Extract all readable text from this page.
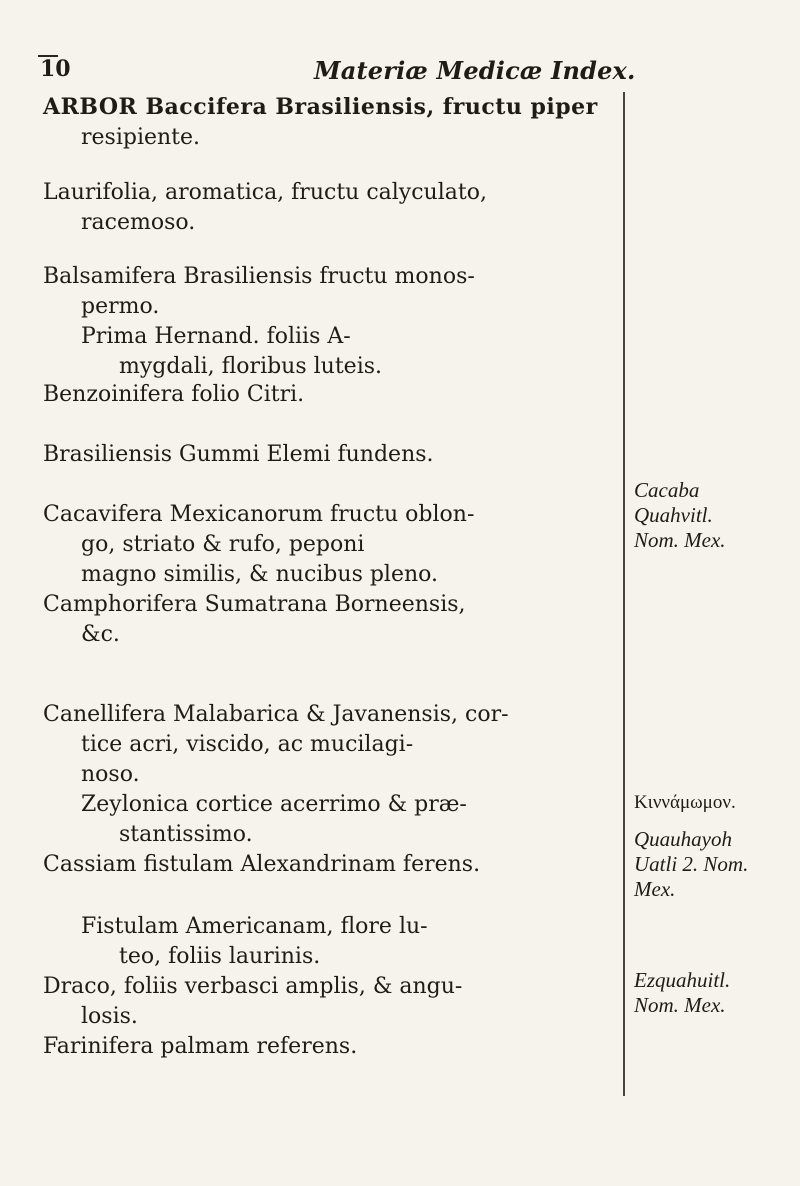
10	Materiæ Medicæ Index.

ARBOR Baccifera Brasiliensis, fructu piper

resipiente.

Laurifolia, aromatica, fructu calyculato,

racemoso.

Balsamifera Brasiliensis fructu monos-

permo.

Prima Hernand. foliis A-

mygdali, floribus luteis.

Benzoinifera folio Citri.

Brasiliensis Gummi Elemi fundens.

Cacavifera Mexicanorum fructu oblon-

go, striato & rufo, peponi

magno similis, & nucibus pleno.

Camphorifera Sumatrana Borneensis,

&c.

Canellifera Malabarica & Javanensis, cor-

tice acri, viscido, ac mucilagi-

noso.

Zeylonica cortice acerrimo & præ-

stantissimo.

Cassiam fistulam Alexandrinam ferens.

Fistulam Americanam, flore lu-

teo, foliis laurinis.

Draco, foliis verbasci amplis, & angu-

losis.

Farinifera palmam referens.

Cacaba
Quahvitl.
Nom. Mex.
Κιννάμωμον.
Quauhayoh
Uatli 2. Nom.
Mex.
Ezquahuitl.
Nom. Mex.
